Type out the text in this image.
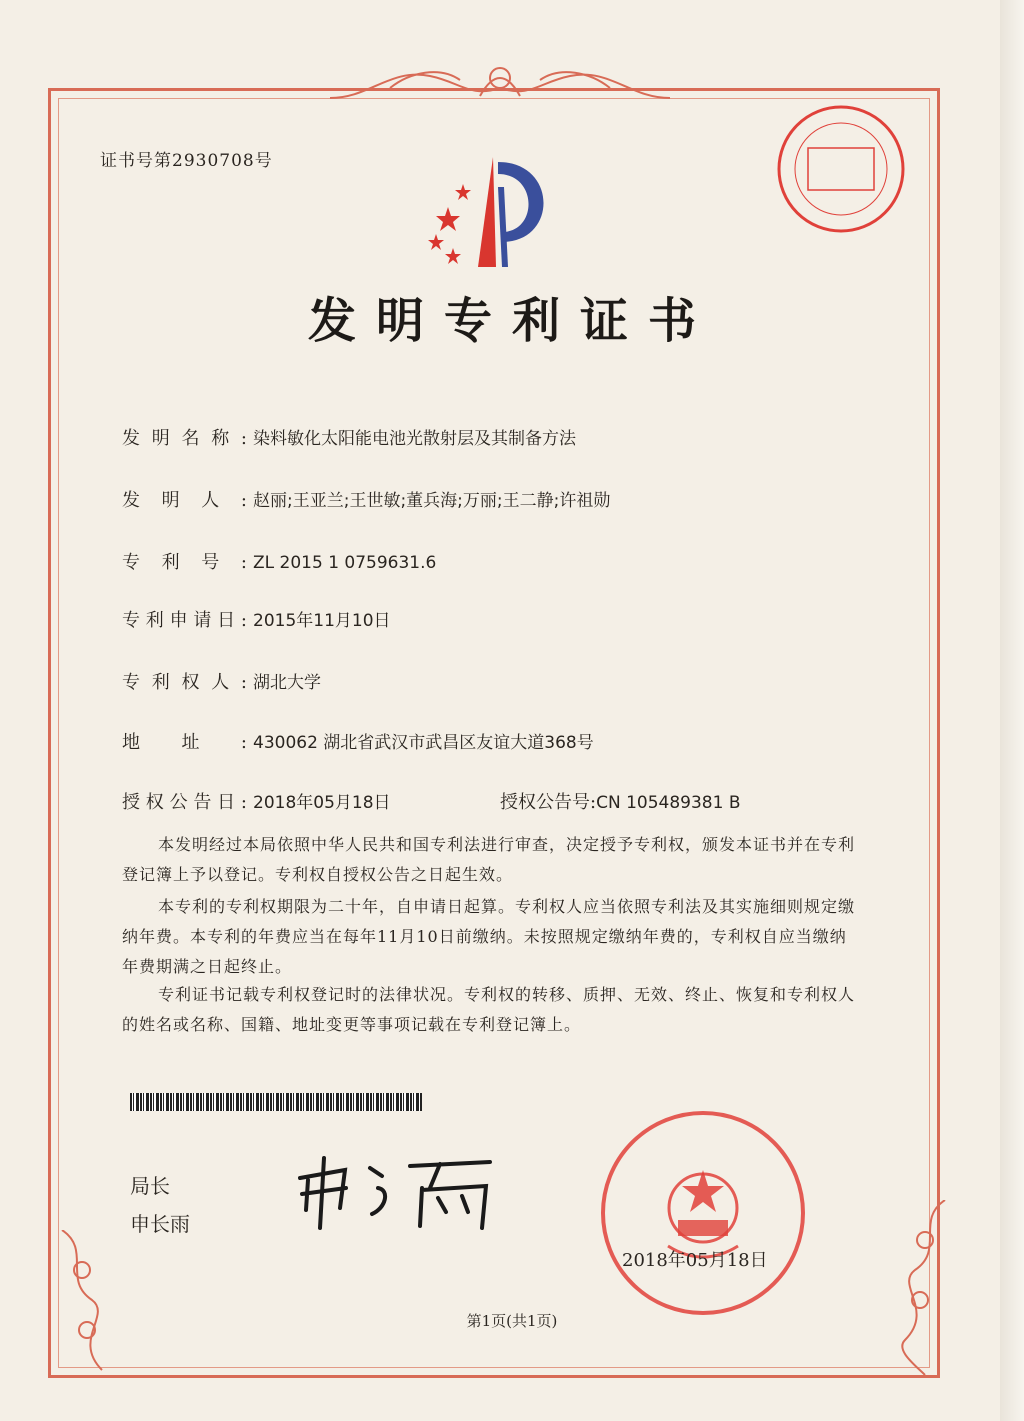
证书号第2930708号
发明专利证书
发明名称: 染料敏化太阳能电池光散射层及其制备方法
发明人: 赵丽;王亚兰;王世敏;董兵海;万丽;王二静;许祖勋
专利号: ZL 2015 1 0759631.6
专利申请日: 2015年11月10日
专利权人: 湖北大学
地址: 430062 湖北省武汉市武昌区友谊大道368号
授权公告日: 2018年05月18日	授权公告号:CN 105489381 B
本发明经过本局依照中华人民共和国专利法进行审查，决定授予专利权，颁发本证书并在专利登记簿上予以登记。专利权自授权公告之日起生效。
本专利的专利权期限为二十年，自申请日起算。专利权人应当依照专利法及其实施细则规定缴纳年费。本专利的年费应当在每年11月10日前缴纳。未按照规定缴纳年费的，专利权自应当缴纳年费期满之日起终止。
专利证书记载专利权登记时的法律状况。专利权的转移、质押、无效、终止、恢复和专利权人的姓名或名称、国籍、地址变更等事项记载在专利登记簿上。
局长
申长雨
2018年05月18日
第1页(共1页)
